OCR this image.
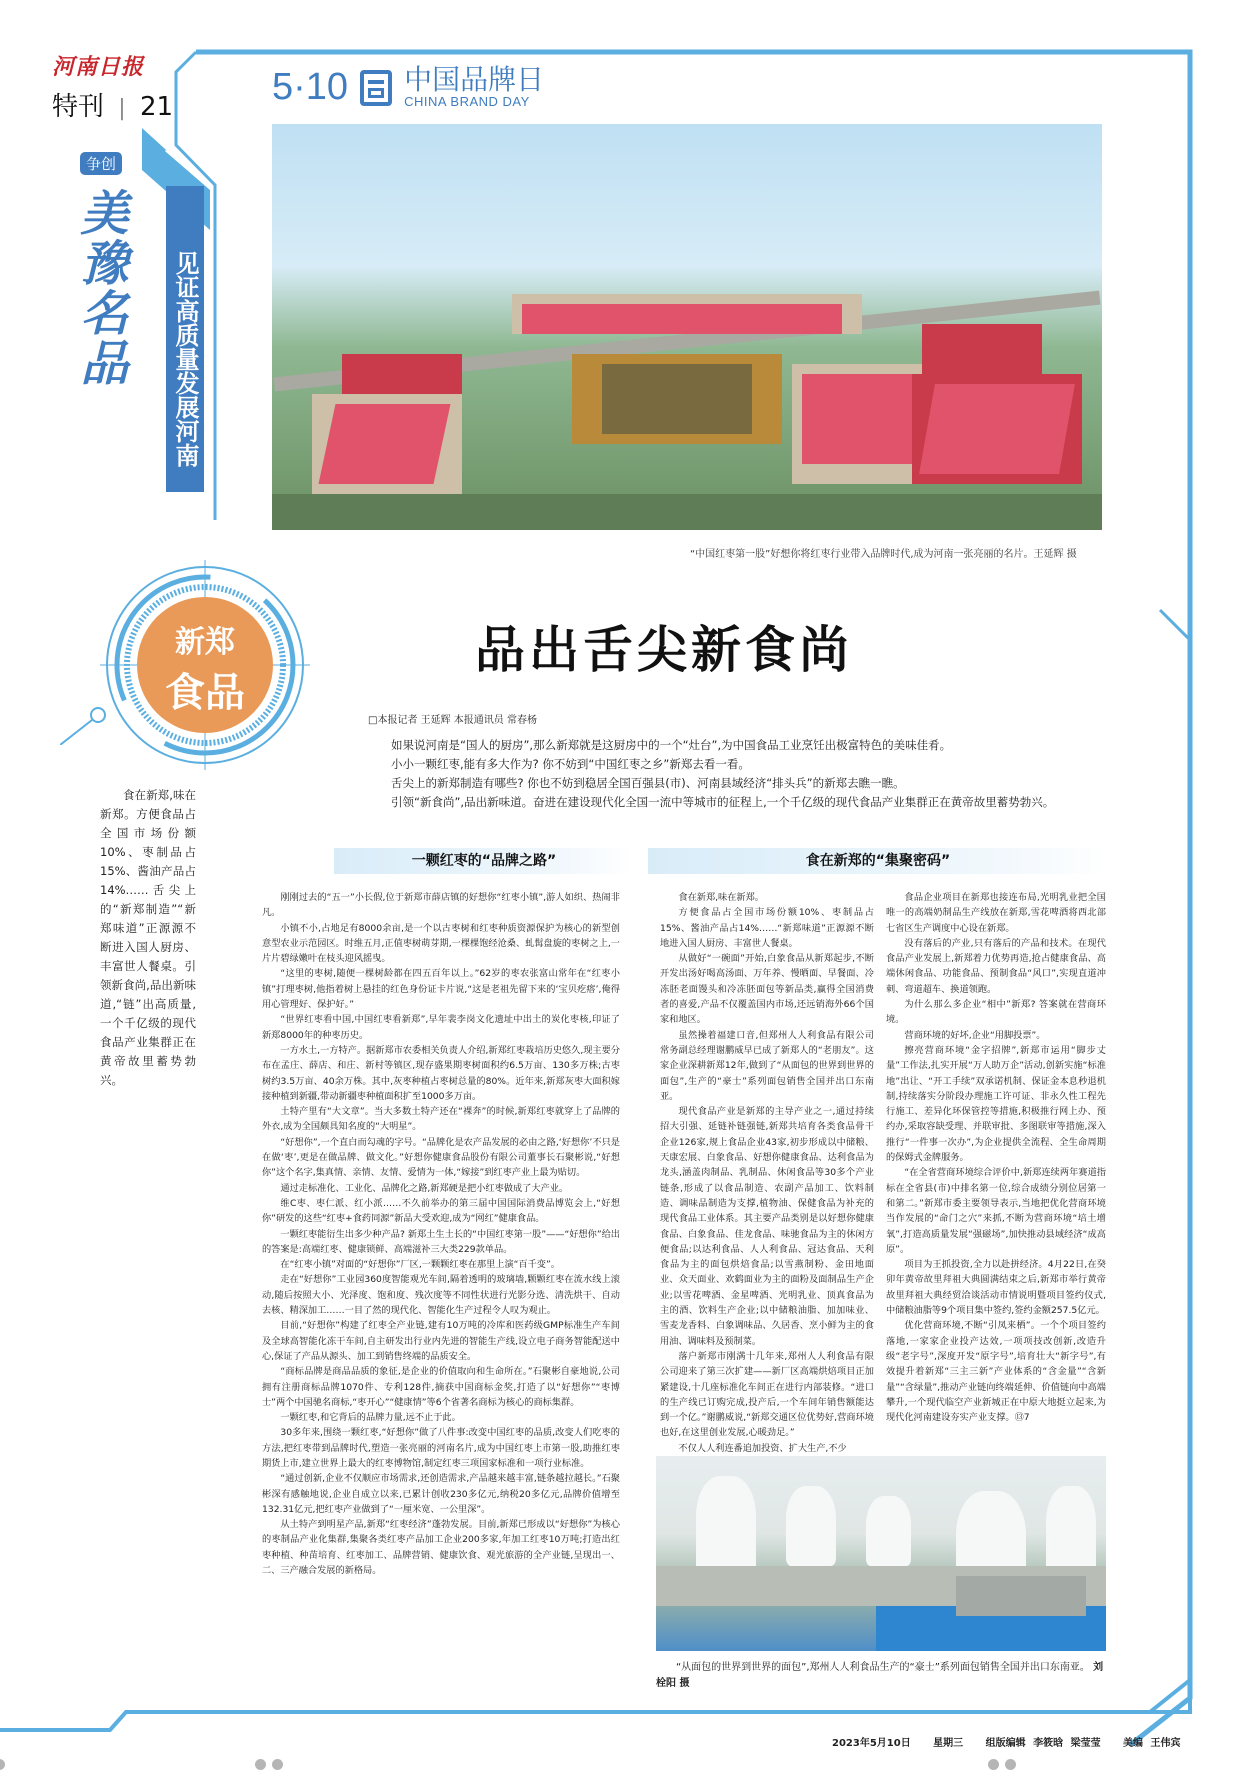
河南日报
特刊 | 21	5·10 中国品牌日
CHINA BRAND DAY
“中国红枣第一股”好想你将红枣行业带入品牌时代,成为河南一张亮丽的名片。王延辉 摄
争创
美豫名品 见证高质量发展河南
新郑
食品
食在新郑,味在新郑。方便食品占全国市场份额10%、枣制品占15%、酱油产品占14%……舌尖上的“新郑制造”“新郑味道”正源源不断进入国人厨房、丰富世人餐桌。引领新食尚,品出新味道,“链”出高质量,一个千亿级的现代食品产业集群正在黄帝故里蓄势勃兴。
品出舌尖新食尚
□本报记者 王延辉 本报通讯员 常春杨

如果说河南是“国人的厨房”,那么新郑就是这厨房中的一个“灶台”,为中国食品工业烹饪出极富特色的美味佳肴。

小小一颗红枣,能有多大作为? 你不妨到“中国红枣之乡”新郑去看一看。

舌尖上的新郑制造有哪些? 你也不妨到稳居全国百强县(市)、河南县域经济“排头兵”的新郑去瞧一瞧。

引领“新食尚”,品出新味道。奋进在建设现代化全国一流中等城市的征程上,一个千亿级的现代食品产业集群正在黄帝故里蓄势勃兴。

一颗红枣的“品牌之路”	食在新郑的“集聚密码”

刚刚过去的“五一”小长假,位于新郑市薛店镇的好想你“红枣小镇”,游人如织、热闹非凡。

小镇不小,占地足有8000余亩,是一个以古枣树和红枣种质资源保护为核心的新型创意型农业示范园区。时维五月,正值枣树萌芽期,一棵棵饱经沧桑、虬髯盘旋的枣树之上,一片片碧绿嫩叶在枝头迎风摇曳。

“这里的枣树,随便一棵树龄都在四五百年以上。”62岁的枣农张富山常年在“红枣小镇”打理枣树,他指着树上悬挂的红色身份证卡片说,“这是老祖先留下来的‘宝贝疙瘩’,俺得用心管理好、保护好。”

“世界红枣看中国,中国红枣看新郑”,早年裴李岗文化遗址中出土的炭化枣核,印证了新郑8000年的种枣历史。

一方水土,一方特产。据新郑市农委相关负责人介绍,新郑红枣栽培历史悠久,现主要分布在孟庄、薛店、和庄、新村等镇区,现存盛果期枣树面积约6.5万亩、130多万株;古枣树约3.5万亩、40余万株。其中,灰枣种植占枣树总量的80%。近年来,新郑灰枣大面积嫁接种植到新疆,带动新疆枣种植面积扩至1000多万亩。

土特产里有“大文章”。当大多数土特产还在“裸奔”的时候,新郑红枣就穿上了品牌的外衣,成为全国颇具知名度的“大明星”。

“好想你”,一个直白而勾魂的字号。“品牌化是农产品发展的必由之路,‘好想你’不只是在做‘枣’,更是在做品牌、做文化。”好想你健康食品股份有限公司董事长石聚彬说,“好想你”这个名字,集真情、亲情、友情、爱情为一体,“嫁接”到红枣产业上最为贴切。

通过走标准化、工业化、品牌化之路,新郑硬是把小红枣做成了大产业。

维C枣、枣仁派、红小派……不久前举办的第三届中国国际消费品博览会上,“好想你”研发的这些“红枣+食药同源”新品大受欢迎,成为“网红”健康食品。

一颗红枣能衍生出多少种产品? 新郑土生土长的“中国红枣第一股”——“好想你”给出的答案是:高端红枣、健康锁鲜、高端滋补三大类229款单品。

在“红枣小镇”对面的“好想你”厂区,一颗颗红枣在那里上演“百千变”。

走在“好想你”工业园360度智能观光车间,隔着透明的玻璃墙,颗颗红枣在流水线上滚动,随后按照大小、光泽度、饱和度、残次度等不同性状进行光影分选、清洗烘干、自动去核、精深加工……一目了然的现代化、智能化生产过程令人叹为观止。

目前,“好想你”构建了红枣全产业链,建有10万吨的冷库和医药级GMP标准生产车间及全球高智能化冻干车间,自主研发出行业内先进的智能生产线,设立电子商务智能配送中心,保证了产品从源头、加工到销售终端的品质安全。

“商标品牌是商品品质的象征,是企业的价值取向和生命所在。”石聚彬自豪地说,公司拥有注册商标品牌1070件、专利128件,摘获中国商标金奖,打造了以“好想你”“枣博士”两个中国驰名商标,“枣开心”“健康情”等6个省著名商标为核心的商标集群。

一颗红枣,和它背后的品牌力量,远不止于此。

30多年来,围绕一颗红枣,“好想你”做了八件事:改变中国红枣的品质,改变人们吃枣的方法,把红枣带到品牌时代,塑造一张亮丽的河南名片,成为中国红枣上市第一股,助推红枣期货上市,建立世界上最大的红枣博物馆,制定红枣三项国家标准和一项行业标准。

“通过创新,企业不仅顺应市场需求,还创造需求,产品越来越丰富,链条越拉越长。”石聚彬深有感触地说,企业自成立以来,已累计创收230多亿元,纳税20多亿元,品牌价值增至132.31亿元,把红枣产业做到了“一厘米宽、一公里深”。

从土特产到明星产品,新郑“红枣经济”蓬勃发展。目前,新郑已形成以“好想你”为核心的枣制品产业化集群,集聚各类红枣产品加工企业200多家,年加工红枣10万吨;打造出红枣种植、种苗培育、红枣加工、品牌营销、健康饮食、观光旅游的全产业链,呈现出一、二、三产融合发展的新格局。

食在新郑,味在新郑。

方便食品占全国市场份额10%、枣制品占15%、酱油产品占14%……“新郑味道”正源源不断地进入国人厨房、丰富世人餐桌。

从做好“一碗面”开始,白象食品从新郑起步,不断开发出汤好喝高汤面、万年养、慢晒面、早餐面、冷冻胚老面馒头和冷冻胚面包等新品类,赢得全国消费者的喜爱,产品不仅覆盖国内市场,还远销海外66个国家和地区。

虽然操着福建口音,但郑州人人利食品有限公司常务副总经理谢鹏威早已成了新郑人的“老朋友”。这家企业深耕新郑12年,做到了“从面包的世界到世界的面包”,生产的“豪士”系列面包销售全国并出口东南亚。

现代食品产业是新郑的主导产业之一,通过持续招大引强、延链补链强链,新郑共培育各类食品骨干企业126家,规上食品企业43家,初步形成以中储粮、天康宏展、白象食品、好想你健康食品、达利食品为龙头,涵盖肉制品、乳制品、休闲食品等30多个产业链条,形成了以食品制造、农副产品加工、饮料制造、调味品制造为支撑,植物油、保健食品为补充的现代食品工业体系。其主要产品类别是以好想你健康食品、白象食品、佳龙食品、味驰食品为主的休闲方便食品;以达利食品、人人利食品、冠达食品、天利食品为主的面包烘焙食品;以雪燕制粉、金田地面业、众天面业、欢鹤面业为主的面粉及面制品生产企业;以雪花啤酒、金星啤酒、光明乳业、顶真食品为主的酒、饮料生产企业;以中储粮油脂、加加味业、雪麦龙香料、白象调味品、久居香、烹小鲜为主的食用油、调味料及预制菜。

落户新郑市刚满十几年来,郑州人人利食品有限公司迎来了第三次扩建——新厂区高端烘焙项目正加紧建设,十几座标准化车间正在进行内部装修。“进口的生产线已订购完成,投产后,一个车间年销售额能达到一个亿。”谢鹏威说,“新郑交通区位优势好,营商环境也好,在这里创业发展,心暖劲足。”

不仅人人利连番追加投资、扩大生产,不少

食品企业项目在新郑也接连布局,光明乳业把全国唯一的高端奶制品生产线放在新郑,雪花啤酒将西北部七省区生产调度中心设在新郑。

没有落后的产业,只有落后的产品和技术。在现代食品产业发展上,新郑着力优势再造,抢占健康食品、高端休闲食品、功能食品、预制食品“风口”,实现直道冲刺、弯道超车、换道领跑。

为什么那么多企业“相中”新郑? 答案就在营商环境。

营商环境的好坏,企业“用脚投票”。

擦亮营商环境“金字招牌”,新郑市运用“脚步丈量”工作法,扎实开展“万人助万企”活动,创新实施“标准地”出让、“开工手续”双承诺机制、保证金本息秒退机制,持续落实分阶段办理施工许可证、非永久性工程先行施工、差异化环保管控等措施,积极推行网上办、预约办,采取容缺受理、并联审批、多图联审等措施,深入推行“一件事一次办”,为企业提供全流程、全生命周期的保姆式金牌服务。

“在全省营商环境综合评价中,新郑连续两年赛道指标在全省县(市)中排名第一位,综合成绩分别位居第一和第二。”新郑市委主要领导表示,当地把优化营商环境当作发展的“命门之穴”来抓,不断为营商环境“培土增氧”,打造高质量发展“强磁场”,加快推动县域经济“成高原”。

项目为王抓投资,全力以赴拼经济。4月22日,在癸卯年黄帝故里拜祖大典圆满结束之后,新郑市举行黄帝故里拜祖大典经贸洽谈活动市情说明暨项目签约仪式,中储粮油脂等9个项目集中签约,签约金额257.5亿元。

优化营商环境,不断“引凤来栖”。一个个项目签约落地,一家家企业投产达效,一项项技改创新,改造升级“老字号”,深度开发“原字号”,培育壮大“新字号”,有效提升着新郑“三主三新”产业体系的“含金量”“含新量”“含绿量”,推动产业链向终端延伸、价值链向中高端攀升,一个现代临空产业新城正在中原大地挺立起来,为现代化河南建设夯实产业支撑。⑬7

“从面包的世界到世界的面包”,郑州人人利食品生产的“豪士”系列面包销售全国并出口东南亚。 刘栓阳 摄
2023年5月10日 星期三 组版编辑 李筱晗 梁莹莹 美编 王伟宾
